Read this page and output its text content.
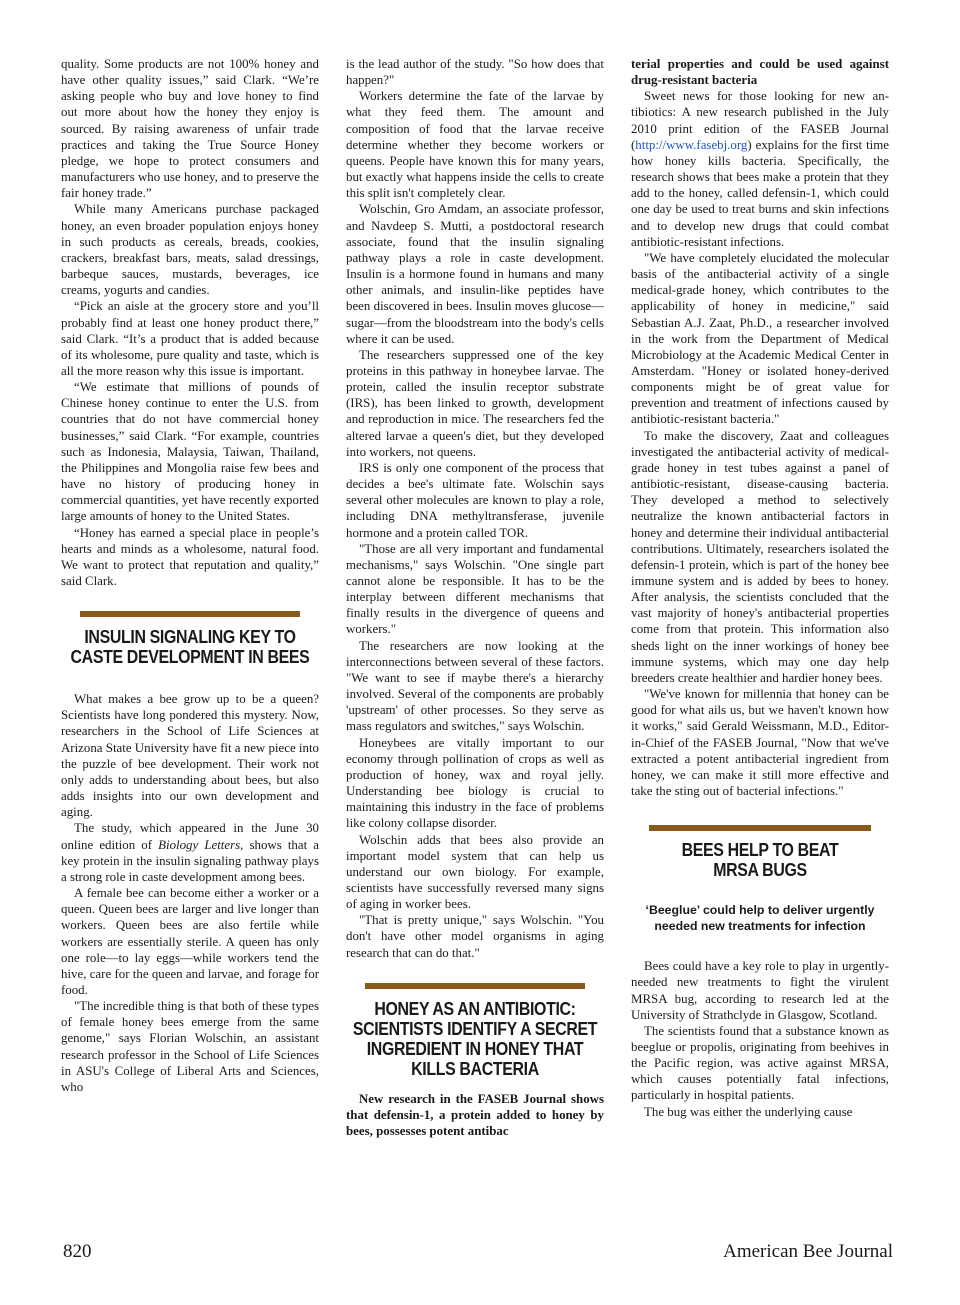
quality. Some products are not 100% honey and have other quality issues,” said Clark. “We’re asking people who buy and love honey to find out more about how the honey they enjoy is sourced. By raising awareness of unfair trade practices and taking the True Source Honey pledge, we hope to protect consumers and manufacturers who use honey, and to preserve the fair honey trade.”

While many Americans purchase packaged honey, an even broader population enjoys honey in such products as cereals, breads, cookies, crackers, breakfast bars, meats, salad dressings, barbeque sauces, mustards, beverages, ice creams, yogurts and candies.

“Pick an aisle at the grocery store and you’ll probably find at least one honey product there,” said Clark. “It’s a product that is added because of its wholesome, pure quality and taste, which is all the more reason why this issue is important.

“We estimate that millions of pounds of Chinese honey continue to enter the U.S. from countries that do not have commercial honey businesses,” said Clark. “For example, countries such as Indonesia, Malaysia, Taiwan, Thailand, the Philippines and Mongolia raise few bees and have no history of producing honey in commercial quantities, yet have recently exported large amounts of honey to the United States.

“Honey has earned a special place in people’s hearts and minds as a wholesome, natural food. We want to protect that reputation and quality,” said Clark.

INSULIN SIGNALING KEY TO CASTE DEVELOPMENT IN BEES

What makes a bee grow up to be a queen? Scientists have long pondered this mystery. Now, researchers in the School of Life Sciences at Arizona State University have fit a new piece into the puzzle of bee development. Their work not only adds to understanding about bees, but also adds insights into our own development and aging.

The study, which appeared in the June 30 online edition of Biology Letters, shows that a key protein in the insulin signaling pathway plays a strong role in caste development among bees.

A female bee can become either a worker or a queen. Queen bees are larger and live longer than workers. Queen bees are also fertile while workers are essentially sterile. A queen has only one role—to lay eggs—while workers tend the hive, care for the queen and larvae, and forage for food.

"The incredible thing is that both of these types of female honey bees emerge from the same genome," says Florian Wolschin, an assistant research professor in the School of Life Sciences in ASU's College of Liberal Arts and Sciences, who

is the lead author of the study. "So how does that happen?"

Workers determine the fate of the larvae by what they feed them. The amount and composition of food that the larvae receive determine whether they become workers or queens. People have known this for many years, but exactly what happens inside the cells to create this split isn't completely clear.

Wolschin, Gro Amdam, an associate professor, and Navdeep S. Mutti, a postdoctoral research associate, found that the insulin signaling pathway plays a role in caste development. Insulin is a hormone found in humans and many other animals, and insulin-like peptides have been discovered in bees. Insulin moves glucose—sugar—from the bloodstream into the body's cells where it can be used.

The researchers suppressed one of the key proteins in this pathway in honeybee larvae. The protein, called the insulin receptor substrate (IRS), has been linked to growth, development and reproduction in mice. The researchers fed the altered larvae a queen's diet, but they developed into workers, not queens.

IRS is only one component of the process that decides a bee's ultimate fate. Wolschin says several other molecules are known to play a role, including DNA methyltransferase, juvenile hormone and a protein called TOR.

"Those are all very important and fundamental mechanisms," says Wolschin. "One single part cannot alone be responsible. It has to be the interplay between different mechanisms that finally results in the divergence of queens and workers."

The researchers are now looking at the interconnections between several of these factors. "We want to see if maybe there's a hierarchy involved. Several of the components are probably 'upstream' of other processes. So they serve as mass regulators and switches," says Wolschin.

Honeybees are vitally important to our economy through pollination of crops as well as production of honey, wax and royal jelly. Understanding bee biology is crucial to maintaining this industry in the face of problems like colony collapse disorder.

Wolschin adds that bees also provide an important model system that can help us understand our own biology. For example, scientists have successfully reversed many signs of aging in worker bees.

"That is pretty unique," says Wolschin. "You don't have other model organisms in aging research that can do that."

HONEY AS AN ANTIBIOTIC: SCIENTISTS IDENTIFY A SECRET INGREDIENT IN HONEY THAT KILLS BACTERIA

New research in the FASEB Journal shows that defensin-1, a protein added to honey by bees, possesses potent antibac

terial properties and could be used against drug-resistant bacteria

Sweet news for those looking for new antibiotics: A new research published in the July 2010 print edition of the FASEB Journal (http://www.fasebj.org) explains for the first time how honey kills bacteria. Specifically, the research shows that bees make a protein that they add to the honey, called defensin-1, which could one day be used to treat burns and skin infections and to develop new drugs that could combat antibiotic-resistant infections.

"We have completely elucidated the molecular basis of the antibacterial activity of a single medical-grade honey, which contributes to the applicability of honey in medicine," said Sebastian A.J. Zaat, Ph.D., a researcher involved in the work from the Department of Medical Microbiology at the Academic Medical Center in Amsterdam. "Honey or isolated honey-derived components might be of great value for prevention and treatment of infections caused by antibiotic-resistant bacteria."

To make the discovery, Zaat and colleagues investigated the antibacterial activity of medical-grade honey in test tubes against a panel of antibiotic-resistant, disease-causing bacteria. They developed a method to selectively neutralize the known antibacterial factors in honey and determine their individual antibacterial contributions. Ultimately, researchers isolated the defensin-1 protein, which is part of the honey bee immune system and is added by bees to honey. After analysis, the scientists concluded that the vast majority of honey's antibacterial properties come from that protein. This information also sheds light on the inner workings of honey bee immune systems, which may one day help breeders create healthier and hardier honey bees.

"We've known for millennia that honey can be good for what ails us, but we haven't known how it works," said Gerald Weissmann, M.D., Editor-in-Chief of the FASEB Journal, "Now that we've extracted a potent antibacterial ingredient from honey, we can make it still more effective and take the sting out of bacterial infections."

BEES HELP TO BEAT MRSA BUGS
‘Beeglue’ could help to deliver urgently needed new treatments for infection

Bees could have a key role to play in urgently-needed new treatments to fight the virulent MRSA bug, according to research led at the University of Strathclyde in Glasgow, Scotland.

The scientists found that a substance known as beeglue or propolis, originating from beehives in the Pacific region, was active against MRSA, which causes potentially fatal infections, particularly in hospital patients.

The bug was either the underlying cause

820	American Bee Journal
